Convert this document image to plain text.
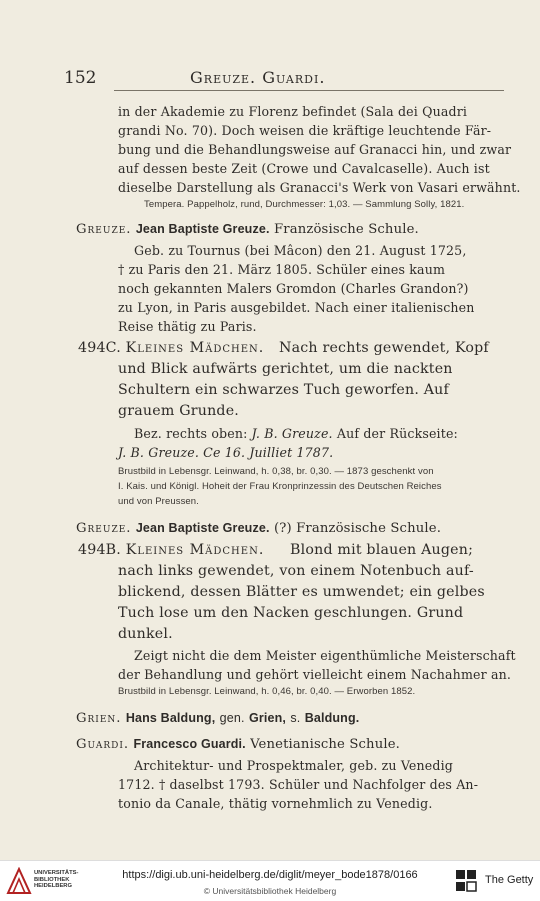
152	Greuze. Guardi.
in der Akademie zu Florenz befindet (Sala dei Quadri
grandi No. 70). Doch weisen die kräftige leuchtende Fär-
bung und die Behandlungsweise auf Granacci hin, und zwar
auf dessen beste Zeit (Crowe und Cavalcaselle). Auch ist
dieselbe Darstellung als Granacci's Werk von Vasari erwähnt.
Tempera. Pappelholz, rund, Durchmesser: 1,03. — Sammlung Solly, 1821.
Greuze. Jean Baptiste Greuze. Französische Schule.
Geb. zu Tournus (bei Mâcon) den 21. August 1725,
† zu Paris den 21. März 1805. Schüler eines kaum
noch gekannten Malers Gromdon (Charles Grandon?)
zu Lyon, in Paris ausgebildet. Nach einer italienischen
Reise thätig zu Paris.
494C. Kleines Mädchen. Nach rechts gewendet, Kopf
und Blick aufwärts gerichtet, um die nackten
Schultern ein schwarzes Tuch geworfen. Auf
grauem Grunde.
Bez. rechts oben: J. B. Greuze. Auf der Rückseite:
J. B. Greuze. Ce 16. Juilliet 1787.
Brustbild in Lebensgr. Leinwand, h. 0,38, br. 0,30. — 1873 geschenkt von
I. Kais. und Königl. Hoheit der Frau Kronprinzessin des Deutschen Reiches
und von Preussen.
Greuze. Jean Baptiste Greuze. (?) Französische Schule.
494B. Kleines Mädchen. Blond mit blauen Augen;
nach links gewendet, von einem Notenbuch auf-
blickend, dessen Blätter es umwendet; ein gelbes
Tuch lose um den Nacken geschlungen. Grund
dunkel.
Zeigt nicht die dem Meister eigenthümliche Meisterschaft
der Behandlung und gehört vielleicht einem Nachahmer an.
Brustbild in Lebensgr. Leinwand, h. 0,46, br. 0,40. — Erworben 1852.
Grien. Hans Baldung, gen. Grien, s. Baldung.
Guardi. Francesco Guardi. Venetianische Schule.
Architektur- und Prospektmaler, geb. zu Venedig
1712. † daselbst 1793. Schüler und Nachfolger des An-
tonio da Canale, thätig vornehmlich zu Venedig.
UNIVERSITÄTS-
BIBLIOTHEK
HEIDELBERG
https://digi.ub.uni-heidelberg.de/diglit/meyer_bode1878/0166
© Universitätsbibliothek Heidelberg
The Getty
